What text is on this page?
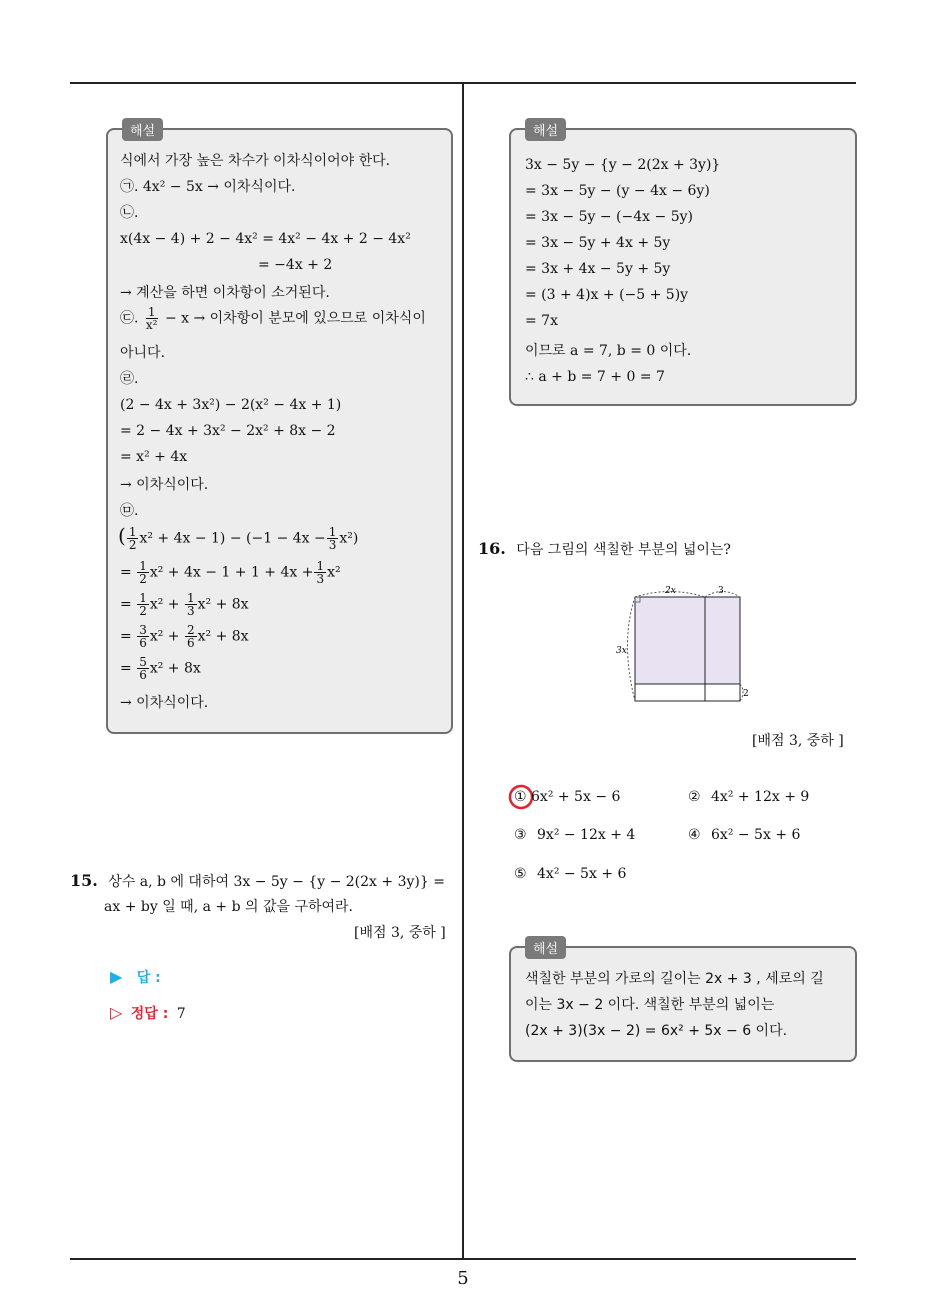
5
해설
식에서 가장 높은 차수가 이차식이어야 한다.
㉠. 4x² − 5x → 이차식이다.
㉡.
x(4x − 4) + 2 − 4x² = 4x² − 4x + 2 − 4x²
= −4x + 2
→ 계산을 하면 이차항이 소거된다.
㉢. $\frac{1}{\text{x²}} - x$ → 이차항이 분모에 있으므로 이차식이
아니다.
㉣.
(2 − 4x + 3x²) − 2(x² − 4x + 1)
= 2 − 4x + 3x² − 2x² + 8x − 2
= x² + 4x
→ 이차식이다.
㉤.
( $\frac{1}{2} x^2 + 4x - 1) - (-1 - 4x - \frac{1}{3} x^2)$
= $\frac{1}{2} x^2 + 4x - 1 + 1 + 4x + \frac{1}{3} x^2$
= $\frac{1}{2} x^2 + \frac{1}{3} x^2 + 8x$
= $\frac{3}{6} x^2 + \frac{2}{6} x^2 + 8x$
= $\frac{5}{6} x^2 + 8x$
→ 이차식이다.
15. 상수 a, b 에 대하여 3x − 5y − {y − 2(2x + 3y)} =
ax + by 일 때, a + b 의 값을 구하여라.
[배점 3, 중하 ]
▶ 답 :
▷ 정답 : 7
해설
3x − 5y − {y − 2(2x + 3y)}
= 3x − 5y − (y − 4x − 6y)
= 3x − 5y − (−4x − 5y)
= 3x − 5y + 4x + 5y
= 3x + 4x − 5y + 5y
= (3 + 4)x + (−5 + 5)y
= 7x
이므로 a = 7, b = 0 이다.
∴ a + b = 7 + 0 = 7
16. 다음 그림의 색칠한 부분의 넓이는?
2x	3
3x
2
[배점 3, 중하 ]
① 6x² + 5x − 6	② 4x² + 12x + 9
③ 9x² − 12x + 4	④ 6x² − 5x + 6
⑤ 4x² − 5x + 6
해설
색칠한 부분의 가로의 길이는 2x + 3 , 세로의 길
이는 3x − 2 이다. 색칠한 부분의 넓이는
(2x + 3)(3x − 2) = 6x² + 5x − 6 이다.
